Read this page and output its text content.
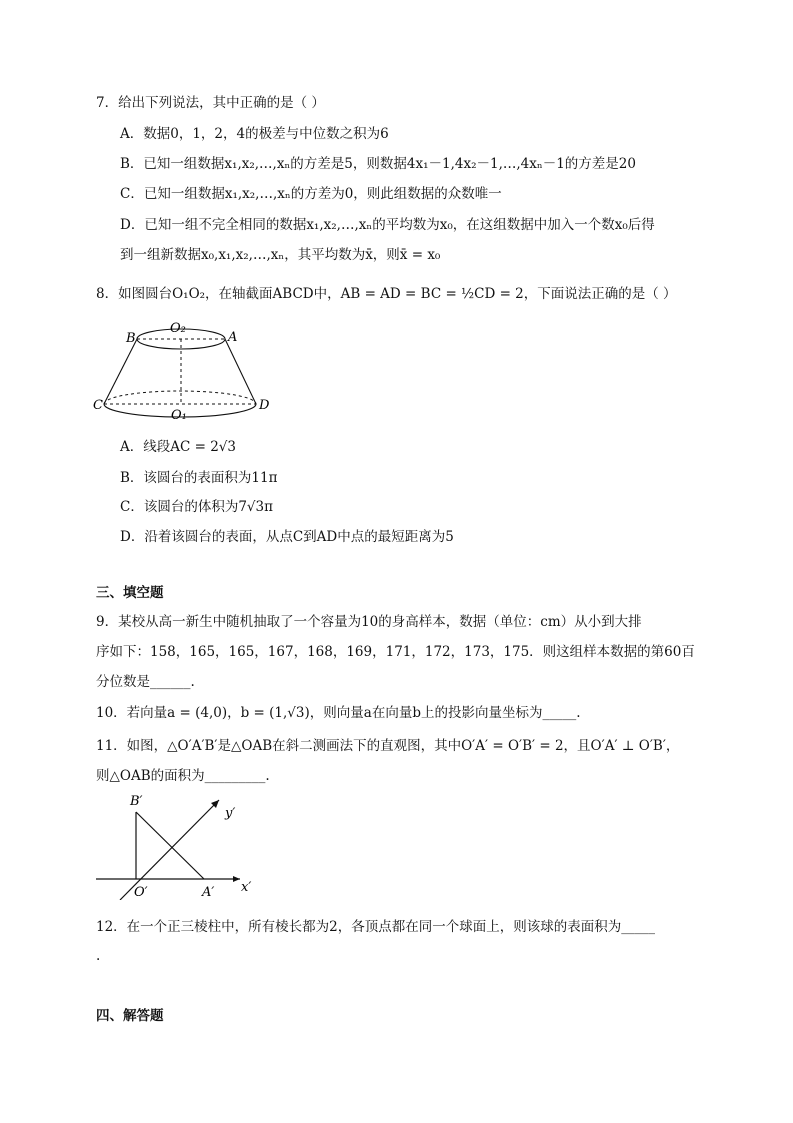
7．给出下列说法，其中正确的是（ ）
A．数据0，1，2，4的极差与中位数之积为6
B．已知一组数据x₁,x₂,…,xₙ的方差是5，则数据4x₁－1,4x₂－1,…,4xₙ－1的方差是20
C．已知一组数据x₁,x₂,…,xₙ的方差为0，则此组数据的众数唯一
D．已知一组不完全相同的数据x₁,x₂,…,xₙ的平均数为x₀，在这组数据中加入一个数x₀后得
到一组新数据x₀,x₁,x₂,…,xₙ，其平均数为x̄，则x̄ = x₀
8．如图圆台O₁O₂，在轴截面ABCD中，AB = AD = BC = ½CD = 2，下面说法正确的是（ ）
B	A
O₂
C	D
O₁
A．线段AC = 2√3
B．该圆台的表面积为11π
C．该圆台的体积为7√3π
D．沿着该圆台的表面，从点C到AD中点的最短距离为5
三、填空题
9．某校从高一新生中随机抽取了一个容量为10的身高样本，数据（单位：cm）从小到大排
序如下：158，165，165，167，168，169，171，172，173，175．则这组样本数据的第60百
分位数是______.
10．若向量a = (4,0)，b = (1,√3)，则向量a在向量b上的投影向量坐标为_____.
11．如图，△O′A′B′是△OAB在斜二测画法下的直观图，其中O′A′ = O′B′ = 2，且O′A′ ⊥ O′B′，
则△OAB的面积为_________.
B′
O′	A′ x′
y′
12．在一个正三棱柱中，所有棱长都为2，各顶点都在同一个球面上，则该球的表面积为_____
.
四、解答题
